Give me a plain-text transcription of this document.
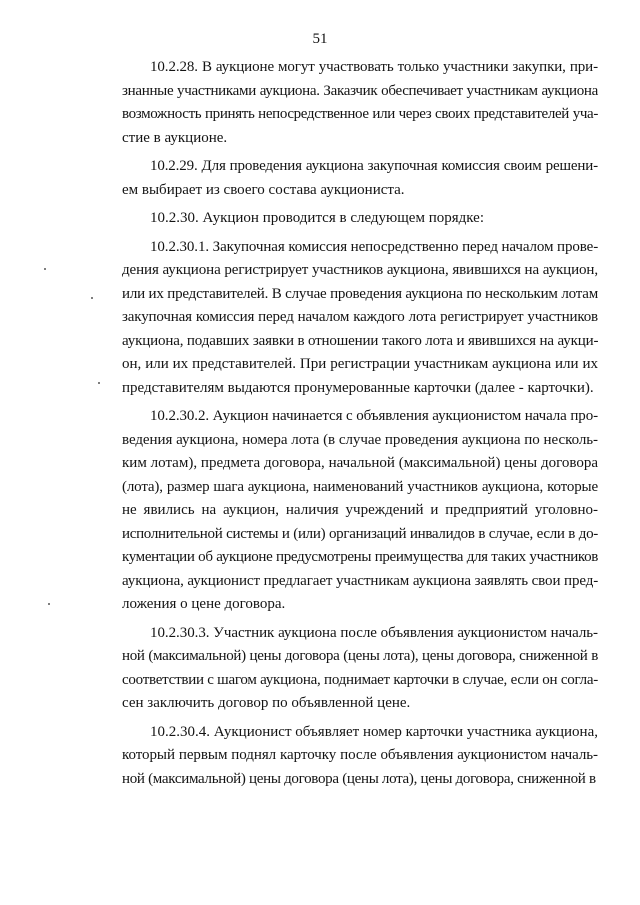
51
10.2.28. В аукционе могут участвовать только участники закупки, при-
знанные участниками аукциона. Заказчик обеспечивает участникам аукциона
возможность принять непосредственное или через своих представителей уча-
стие в аукционе.
10.2.29. Для проведения аукциона закупочная комиссия своим решени-
ем выбирает из своего состава аукциониста.
10.2.30. Аукцион проводится в следующем порядке:
10.2.30.1. Закупочная комиссия непосредственно перед началом прове-
дения аукциона регистрирует участников аукциона, явившихся на аукцион,
или их представителей. В случае проведения аукциона по нескольким лотам
закупочная комиссия перед началом каждого лота регистрирует участников
аукциона, подавших заявки в отношении такого лота и явившихся на аукци-
он, или их представителей. При регистрации участникам аукциона или их
представителям выдаются пронумерованные карточки (далее - карточки).
10.2.30.2. Аукцион начинается с объявления аукционистом начала про-
ведения аукциона, номера лота (в случае проведения аукциона по несколь-
ким лотам), предмета договора, начальной (максимальной) цены договора
(лота), размер шага аукциона, наименований участников аукциона, которые
не явились на аукцион, наличия учреждений и предприятий уголовно-
исполнительной системы и (или) организаций инвалидов в случае, если в до-
кументации об аукционе предусмотрены преимущества для таких участников
аукциона, аукционист предлагает участникам аукциона заявлять свои пред-
ложения о цене договора.
10.2.30.3. Участник аукциона после объявления аукционистом началь-
ной (максимальной) цены договора (цены лота), цены договора, сниженной в
соответствии с шагом аукциона, поднимает карточки в случае, если он согла-
сен заключить договор по объявленной цене.
10.2.30.4. Аукционист объявляет номер карточки участника аукциона,
который первым поднял карточку после объявления аукционистом началь-
ной (максимальной) цены договора (цены лота), цены договора, сниженной в
